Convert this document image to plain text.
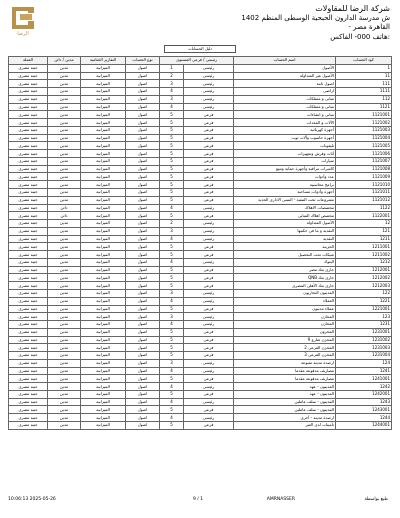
الرضا
شركة الرضا للمقاولات
1402 ش مدرسة الدارون الحبحية الوسطى المنظم
- القاهرة مصر
هاتف 000- الفاكس:
دليل الحسابات
كود الحساب	اسم الحساب	رئيسى / فرعى المستوى		نوع الحساب	التقارير الختامية	مدين / دائن	العملة
1	الأصول	رئيسى	1	اصول	الميزانية	مدين	جنيه مصرى
11	الأصول غير المتداولة	رئيسى	2	اصول	الميزانية	مدين	جنيه مصرى
111	اصول ثابتة	رئيسى	3	اصول	الميزانية	مدين	جنيه مصرى
1111	اراضى	رئيسى	4	اصول	الميزانية	مدين	جنيه مصرى
112	مبانى و ممتلكات	رئيسى	3	اصول	الميزانية	مدين	جنيه مصرى
1121	مبانى و ممتلكات	رئيسى	4	اصول	الميزانية	مدين	جنيه مصرى
1121001	مبانى و انشاءات	فرعى	5	اصول	الميزانية	مدين	جنيه مصرى
1121002	الآلات و المعدات	فرعى	5	اصول	الميزانية	مدين	جنيه مصرى
1121003	أجهزة كهربائية	فرعى	5	اصول	الميزانية	مدين	جنيه مصرى
1121004	أجهزة حاسوب وآلات ثوب	فرعى	5	اصول	الميزانية	مدين	جنيه مصرى
1121005	تليفونات	فرعى	5	اصول	الميزانية	مدين	جنيه مصرى
1121006	أثاث وفرش وتجهيزات	فرعى	5	اصول	الميزانية	مدين	جنيه مصرى
1121007	سيارات	فرعى	5	اصول	الميزانية	مدين	جنيه مصرى
1121008	كاميرات مراقبة وأجهزة حماية وتتبع	فرعى	5	اصول	الميزانية	مدين	جنيه مصرى
1121009	عدد وأدوات	فرعى	5	اصول	الميزانية	مدين	جنيه مصرى
1121010	برامج محاسبية	فرعى	5	اصول	الميزانية	مدين	جنيه مصرى
1121011	أجهزة وأدوات مساحية	فرعى	5	اصول	الميزانية	مدين	جنيه مصرى
1121012	مشروعات تحت التنفيذ - المبنى الادارى الجديد	فرعى	5	اصول	الميزانية	مدين	جنيه مصرى
1122	مخصصات الاهلاك	رئيسى	4	اصول	الميزانية	دائن	جنيه مصرى
1122001	مخصص اهلاك المبانى	فرعى	5	اصول	الميزانية	دائن	جنيه مصرى
12	الأصول المتداولة	رئيسى	2	اصول	الميزانية	مدين	جنيه مصرى
121	النقدية و ما فى حكمها	رئيسى	3	اصول	الميزانية	مدين	جنيه مصرى
1211	النقدية	رئيسى	4	اصول	الميزانية	مدين	جنيه مصرى
1211001	الخزينة	فرعى	5	اصول	الميزانية	مدين	جنيه مصرى
1211002	شيكات تحت التحصيل	فرعى	5	اصول	الميزانية	مدين	جنيه مصرى
1212	البنوك	رئيسى	4	اصول	الميزانية	مدين	جنيه مصرى
1212001	جارى بنك مصر	فرعى	5	اصول	الميزانية	مدين	جنيه مصرى
1212002	جارى بنك QNB	فرعى	5	اصول	الميزانية	مدين	جنيه مصرى
1212003	جارى بنك الأهلى المصرى	فرعى	5	اصول	الميزانية	مدين	جنيه مصرى
122	المدينون التجاريون	رئيسى	3	اصول	الميزانية	مدين	جنيه مصرى
1221	العملاء	رئيسى	4	اصول	الميزانية	مدين	جنيه مصرى
1221001	عملاء مدينون	فرعى	5	اصول	الميزانية	مدين	جنيه مصرى
123	المخازن	رئيسى	3	اصول	الميزانية	مدين	جنيه مصرى
1231	المخازن	رئيسى	4	اصول	الميزانية	مدين	جنيه مصرى
1231001	المخزون	فرعى	5	اصول	الميزانية	مدين	جنيه مصرى
1231002	المخزن شارع 9	فرعى	5	اصول	الميزانية	مدين	جنيه مصرى
1231003	المخزن الفرعى 2	فرعى	5	اصول	الميزانية	مدين	جنيه مصرى
1231004	المخزن الفرعى 3	فرعى	5	اصول	الميزانية	مدين	جنيه مصرى
124	ارصدة مدينة متنوعة	رئيسى	3	اصول	الميزانية	مدين	جنيه مصرى
1241	مصاريف مدفوعة مقدما	رئيسى	4	اصول	الميزانية	مدين	جنيه مصرى
1241001	مصاريف مدفوعة مقدما	فرعى	5	اصول	الميزانية	مدين	جنيه مصرى
1242	المدينون - عهد	رئيسى	4	اصول	الميزانية	مدين	جنيه مصرى
1242001	المدينون - عهد	فرعى	5	اصول	الميزانية	مدين	جنيه مصرى
1243	المدينون - سلف عاملين	رئيسى	4	اصول	الميزانية	مدين	جنيه مصرى
1243001	المدينون - سلف عاملين	فرعى	5	اصول	الميزانية	مدين	جنيه مصرى
1244	ارصدة مدينة - أخرى	رئيسى	4	اصول	الميزانية	مدين	جنيه مصرى
1244001	تأمينات لدى الغير	فرعى	5	اصول	الميزانية	مدين	جنيه مصرى
طبع بواسطة
AMRNASSER
9 / 1
10:06:13 2025-05-26
